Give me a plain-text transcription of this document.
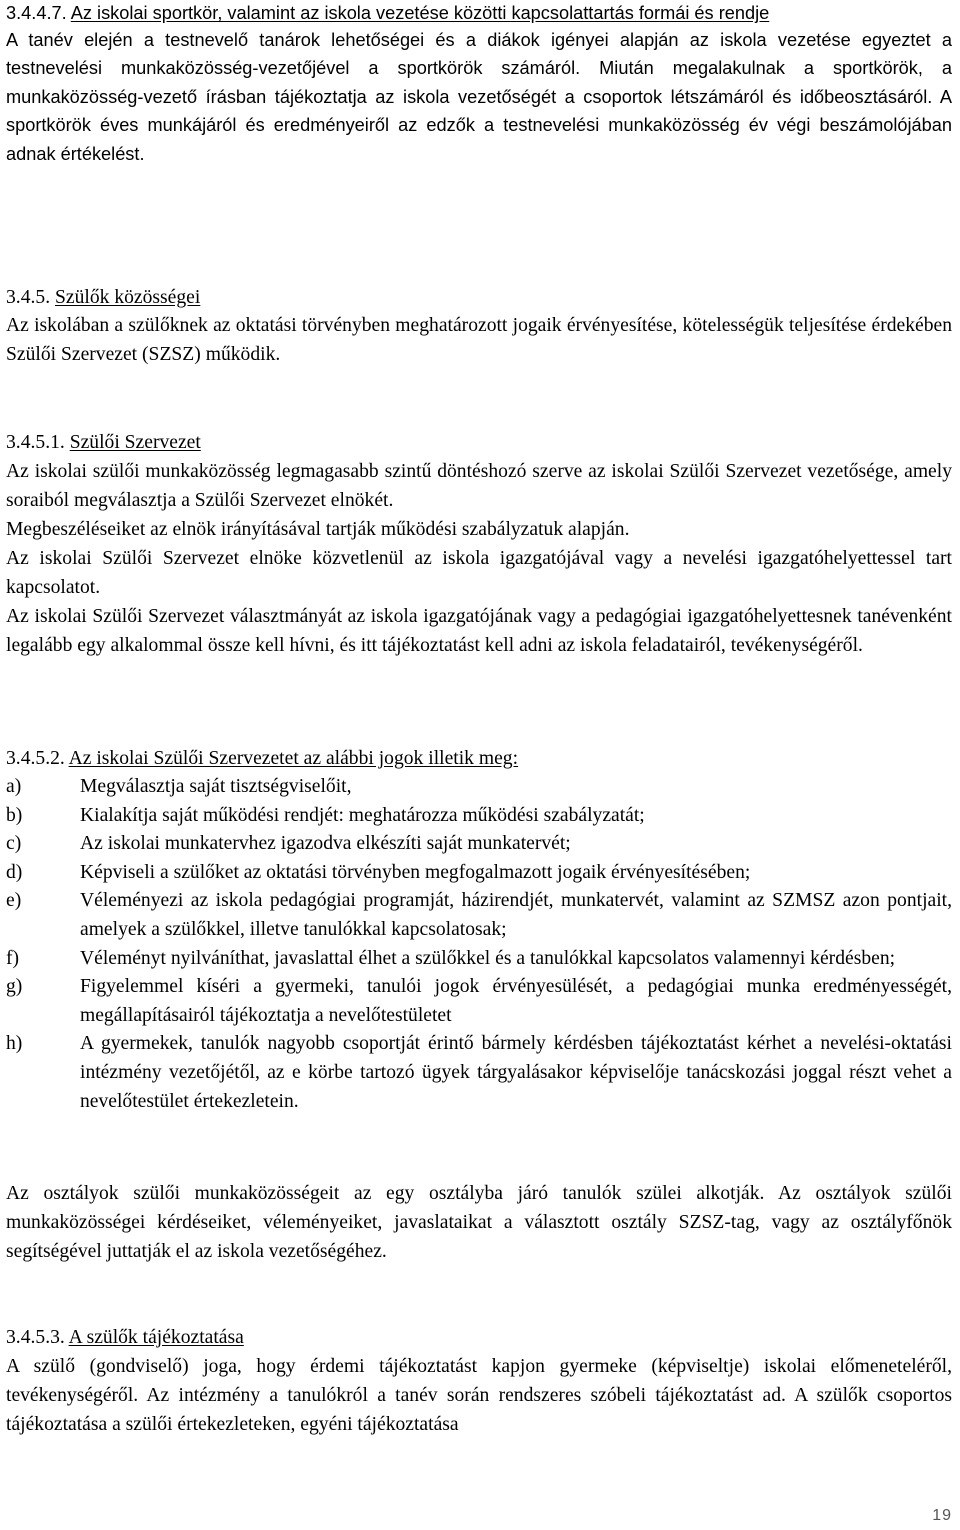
3.4.4.7. Az iskolai sportkör, valamint az iskola vezetése közötti kapcsolattartás formái és rendje

A tanév elején a testnevelő tanárok lehetőségei és a diákok igényei alapján az iskola vezetése egyeztet a testnevelési munkaközösség-vezetőjével a sportkörök számáról. Miután megalakulnak a sportkörök, a munkaközösség-vezető írásban tájékoztatja az iskola vezetőségét a csoportok létszámáról és időbeosztásáról. A sportkörök éves munkájáról és eredményeiről az edzők a testnevelési munkaközösség év végi beszámolójában adnak értékelést.

3.4.5. Szülők közösségei

Az iskolában a szülőknek az oktatási törvényben meghatározott jogaik érvényesítése, kötelességük teljesítése érdekében Szülői Szervezet (SZSZ) működik.

3.4.5.1. Szülői Szervezet

Az iskolai szülői munkaközösség legmagasabb szintű döntéshozó szerve az iskolai Szülői Szervezet vezetősége, amely soraiból megválasztja a Szülői Szervezet elnökét.

Megbeszéléseiket az elnök irányításával tartják működési szabályzatuk alapján.

Az iskolai Szülői Szervezet elnöke közvetlenül az iskola igazgatójával vagy a nevelési igazgatóhelyettessel tart kapcsolatot.

Az iskolai Szülői Szervezet választmányát az iskola igazgatójának vagy a pedagógiai igazgatóhelyettesnek tanévenként legalább egy alkalommal össze kell hívni, és itt tájékoztatást kell adni az iskola feladatairól, tevékenységéről.

3.4.5.2. Az iskolai Szülői Szervezetet az alábbi jogok illetik meg:

a)	Megválasztja saját tisztségviselőit,
b)	Kialakítja saját működési rendjét: meghatározza működési szabályzatát;
c)	Az iskolai munkatervhez igazodva elkészíti saját munkatervét;
d)	Képviseli a szülőket az oktatási törvényben megfogalmazott jogaik érvényesítésében;
e)	Véleményezi az iskola pedagógiai programját, házirendjét, munkatervét, valamint az SZMSZ azon pontjait, amelyek a szülőkkel, illetve tanulókkal kapcsolatosak;
f)	Véleményt nyilváníthat, javaslattal élhet a szülőkkel és a tanulókkal kapcsolatos valamennyi kérdésben;
g)	Figyelemmel kíséri a gyermeki, tanulói jogok érvényesülését, a pedagógiai munka eredményességét, megállapításairól tájékoztatja a nevelőtestületet
h)	A gyermekek, tanulók nagyobb csoportját érintő bármely kérdésben tájékoztatást kérhet a nevelési-oktatási intézmény vezetőjétől, az e körbe tartozó ügyek tárgyalásakor képviselője tanácskozási joggal részt vehet a nevelőtestület értekezletein.

Az osztályok szülői munkaközösségeit az egy osztályba járó tanulók szülei alkotják. Az osztályok szülői munkaközösségei kérdéseiket, véleményeiket, javaslataikat a választott osztály SZSZ-tag, vagy az osztályfőnök segítségével juttatják el az iskola vezetőségéhez.

3.4.5.3. A szülők tájékoztatása

A szülő (gondviselő) joga, hogy érdemi tájékoztatást kapjon gyermeke (képviseltje) iskolai előmeneteléről, tevékenységéről. Az intézmény a tanulókról a tanév során rendszeres szóbeli tájékoztatást ad. A szülők csoportos tájékoztatása a szülői értekezleteken, egyéni tájékoztatása

19
